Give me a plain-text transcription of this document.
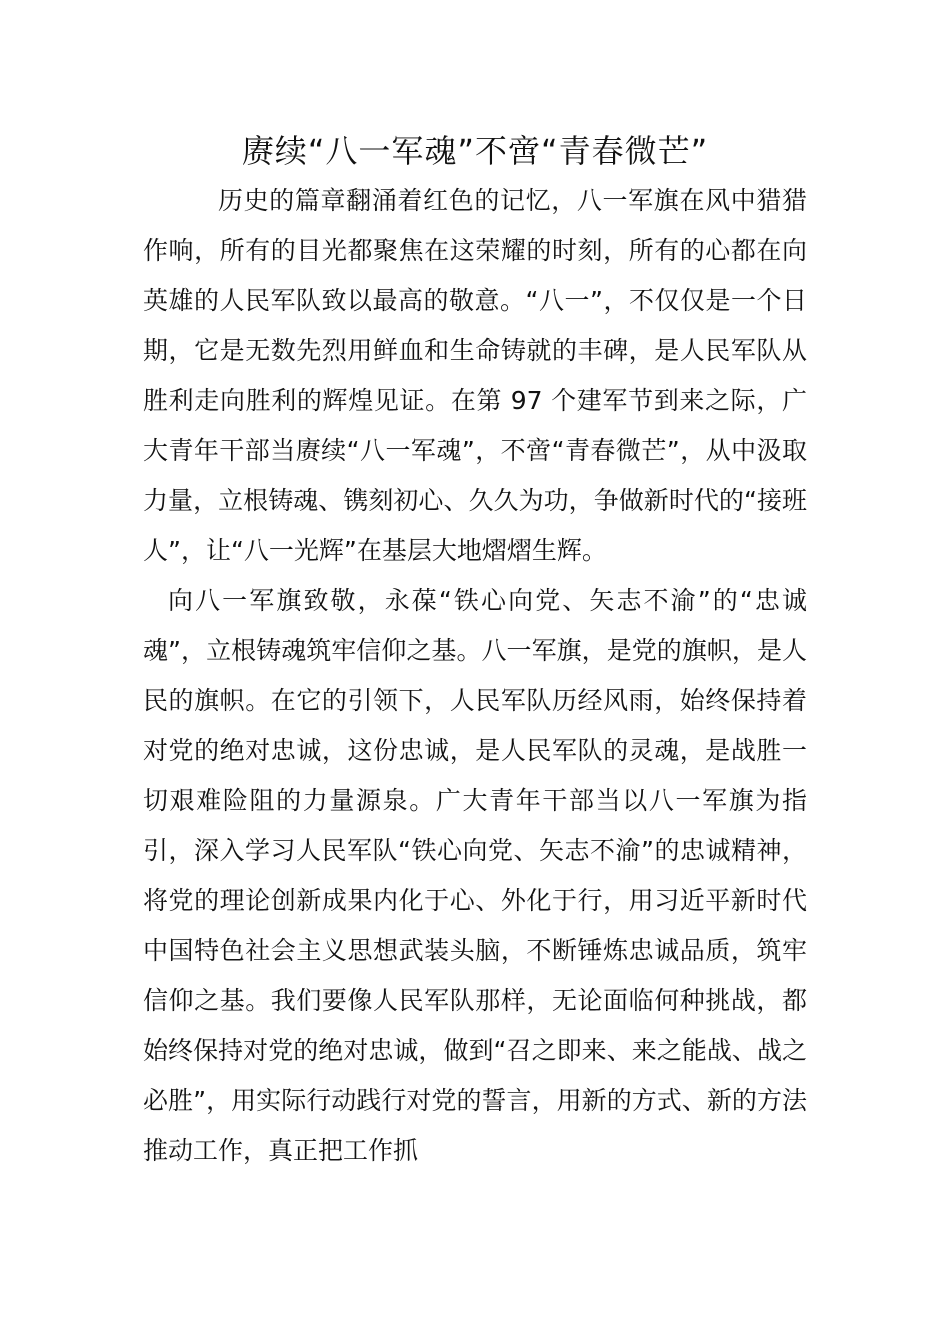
赓续“八一军魂”不啻“青春微芒”

历史的篇章翻涌着红色的记忆，八一军旗在风中猎猎作响，所有的目光都聚焦在这荣耀的时刻，所有的心都在向英雄的人民军队致以最高的敬意。“八一”，不仅仅是一个日期，它是无数先烈用鲜血和生命铸就的丰碑，是人民军队从胜利走向胜利的辉煌见证。在第 97 个建军节到来之际，广大青年干部当赓续“八一军魂”，不啻“青春微芒”，从中汲取力量，立根铸魂、镌刻初心、久久为功，争做新时代的“接班人”，让“八一光辉”在基层大地熠熠生辉。

向八一军旗致敬，永葆“铁心向党、矢志不渝”的“忠诚魂”，立根铸魂筑牢信仰之基。八一军旗，是党的旗帜，是人民的旗帜。在它的引领下，人民军队历经风雨，始终保持着对党的绝对忠诚，这份忠诚，是人民军队的灵魂，是战胜一切艰难险阻的力量源泉。广大青年干部当以八一军旗为指引，深入学习人民军队“铁心向党、矢志不渝”的忠诚精神，将党的理论创新成果内化于心、外化于行，用习近平新时代中国特色社会主义思想武装头脑，不断锤炼忠诚品质，筑牢信仰之基。我们要像人民军队那样，无论面临何种挑战，都始终保持对党的绝对忠诚，做到“召之即来、来之能战、战之必胜”，用实际行动践行对党的誓言，用新的方式、新的方法推动工作，真正把工作抓
